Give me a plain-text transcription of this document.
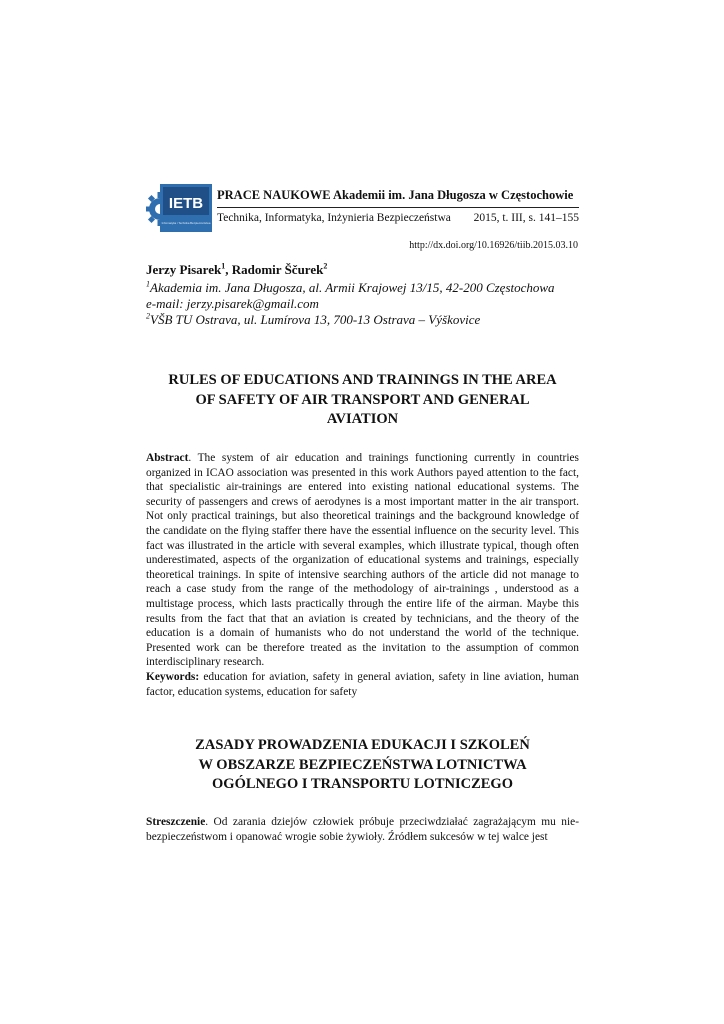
IETB
Informatyka i Technika Bezpieczeństwa
PRACE NAUKOWE Akademii im. Jana Długosza w Częstochowie
Technika, Informatyka, Inżynieria Bezpieczeństwa 2015, t. III, s. 141–155
http://dx.doi.org/10.16926/tiib.2015.03.10
Jerzy Pisarek$^1$, Radomir Ščurek$^2$
$^1$Akademia im. Jana Długosza, al. Armii Krajowej 13/15, 42-200 Częstochowa
e-mail: jerzy.pisarek@gmail.com
$^2$VŠB TU Ostrava, ul. Lumírova 13, 700-13 Ostrava – Výškovice
RULES OF EDUCATIONS AND TRAININGS IN THE AREA
OF SAFETY OF AIR TRANSPORT AND GENERAL
AVIATION

Abstract. The system of air education and trainings functioning currently in countries organized in ICAO association was presented in this work Authors payed attention to the fact, that specialistic air-trainings are entered into existing national educational systems. The security of passengers and crews of aerodynes is a most important matter in the air transport. Not only practical trainings, but also theoretical trainings and the background knowledge of the candidate on the flying staffer there have the essential influence on the security level. This fact was illustrated in the article with several examples, which illustrate typical, though often underestimated, aspects of the organization of educational systems and trainings, especially theoretical trainings. In spite of intensive searching authors of the article did not manage to reach a case study from the range of the methodology of air-trainings , understood as a multistage process, which lasts practically through the entire life of the airman. Maybe this results from the fact that that an aviation is created by technicians, and the theory of the education is a domain of humanists who do not understand the world of the technique. Presented work can be therefore treated as the invitation to the assumption of common interdisciplinary research.

Keywords: education for aviation, safety in general aviation, safety in line aviation, human factor, education systems, education for safety

ZASADY PROWADZENIA EDUKACJI I SZKOLEŃ
W OBSZARZE BEZPIECZEŃSTWA LOTNICTWA
OGÓLNEGO I TRANSPORTU LOTNICZEGO

Streszczenie. Od zarania dziejów człowiek próbuje przeciwdziałać zagrażającym mu niebezpieczeństwom i opanować wrogie sobie żywioły. Źródłem sukcesów w tej walce jest
